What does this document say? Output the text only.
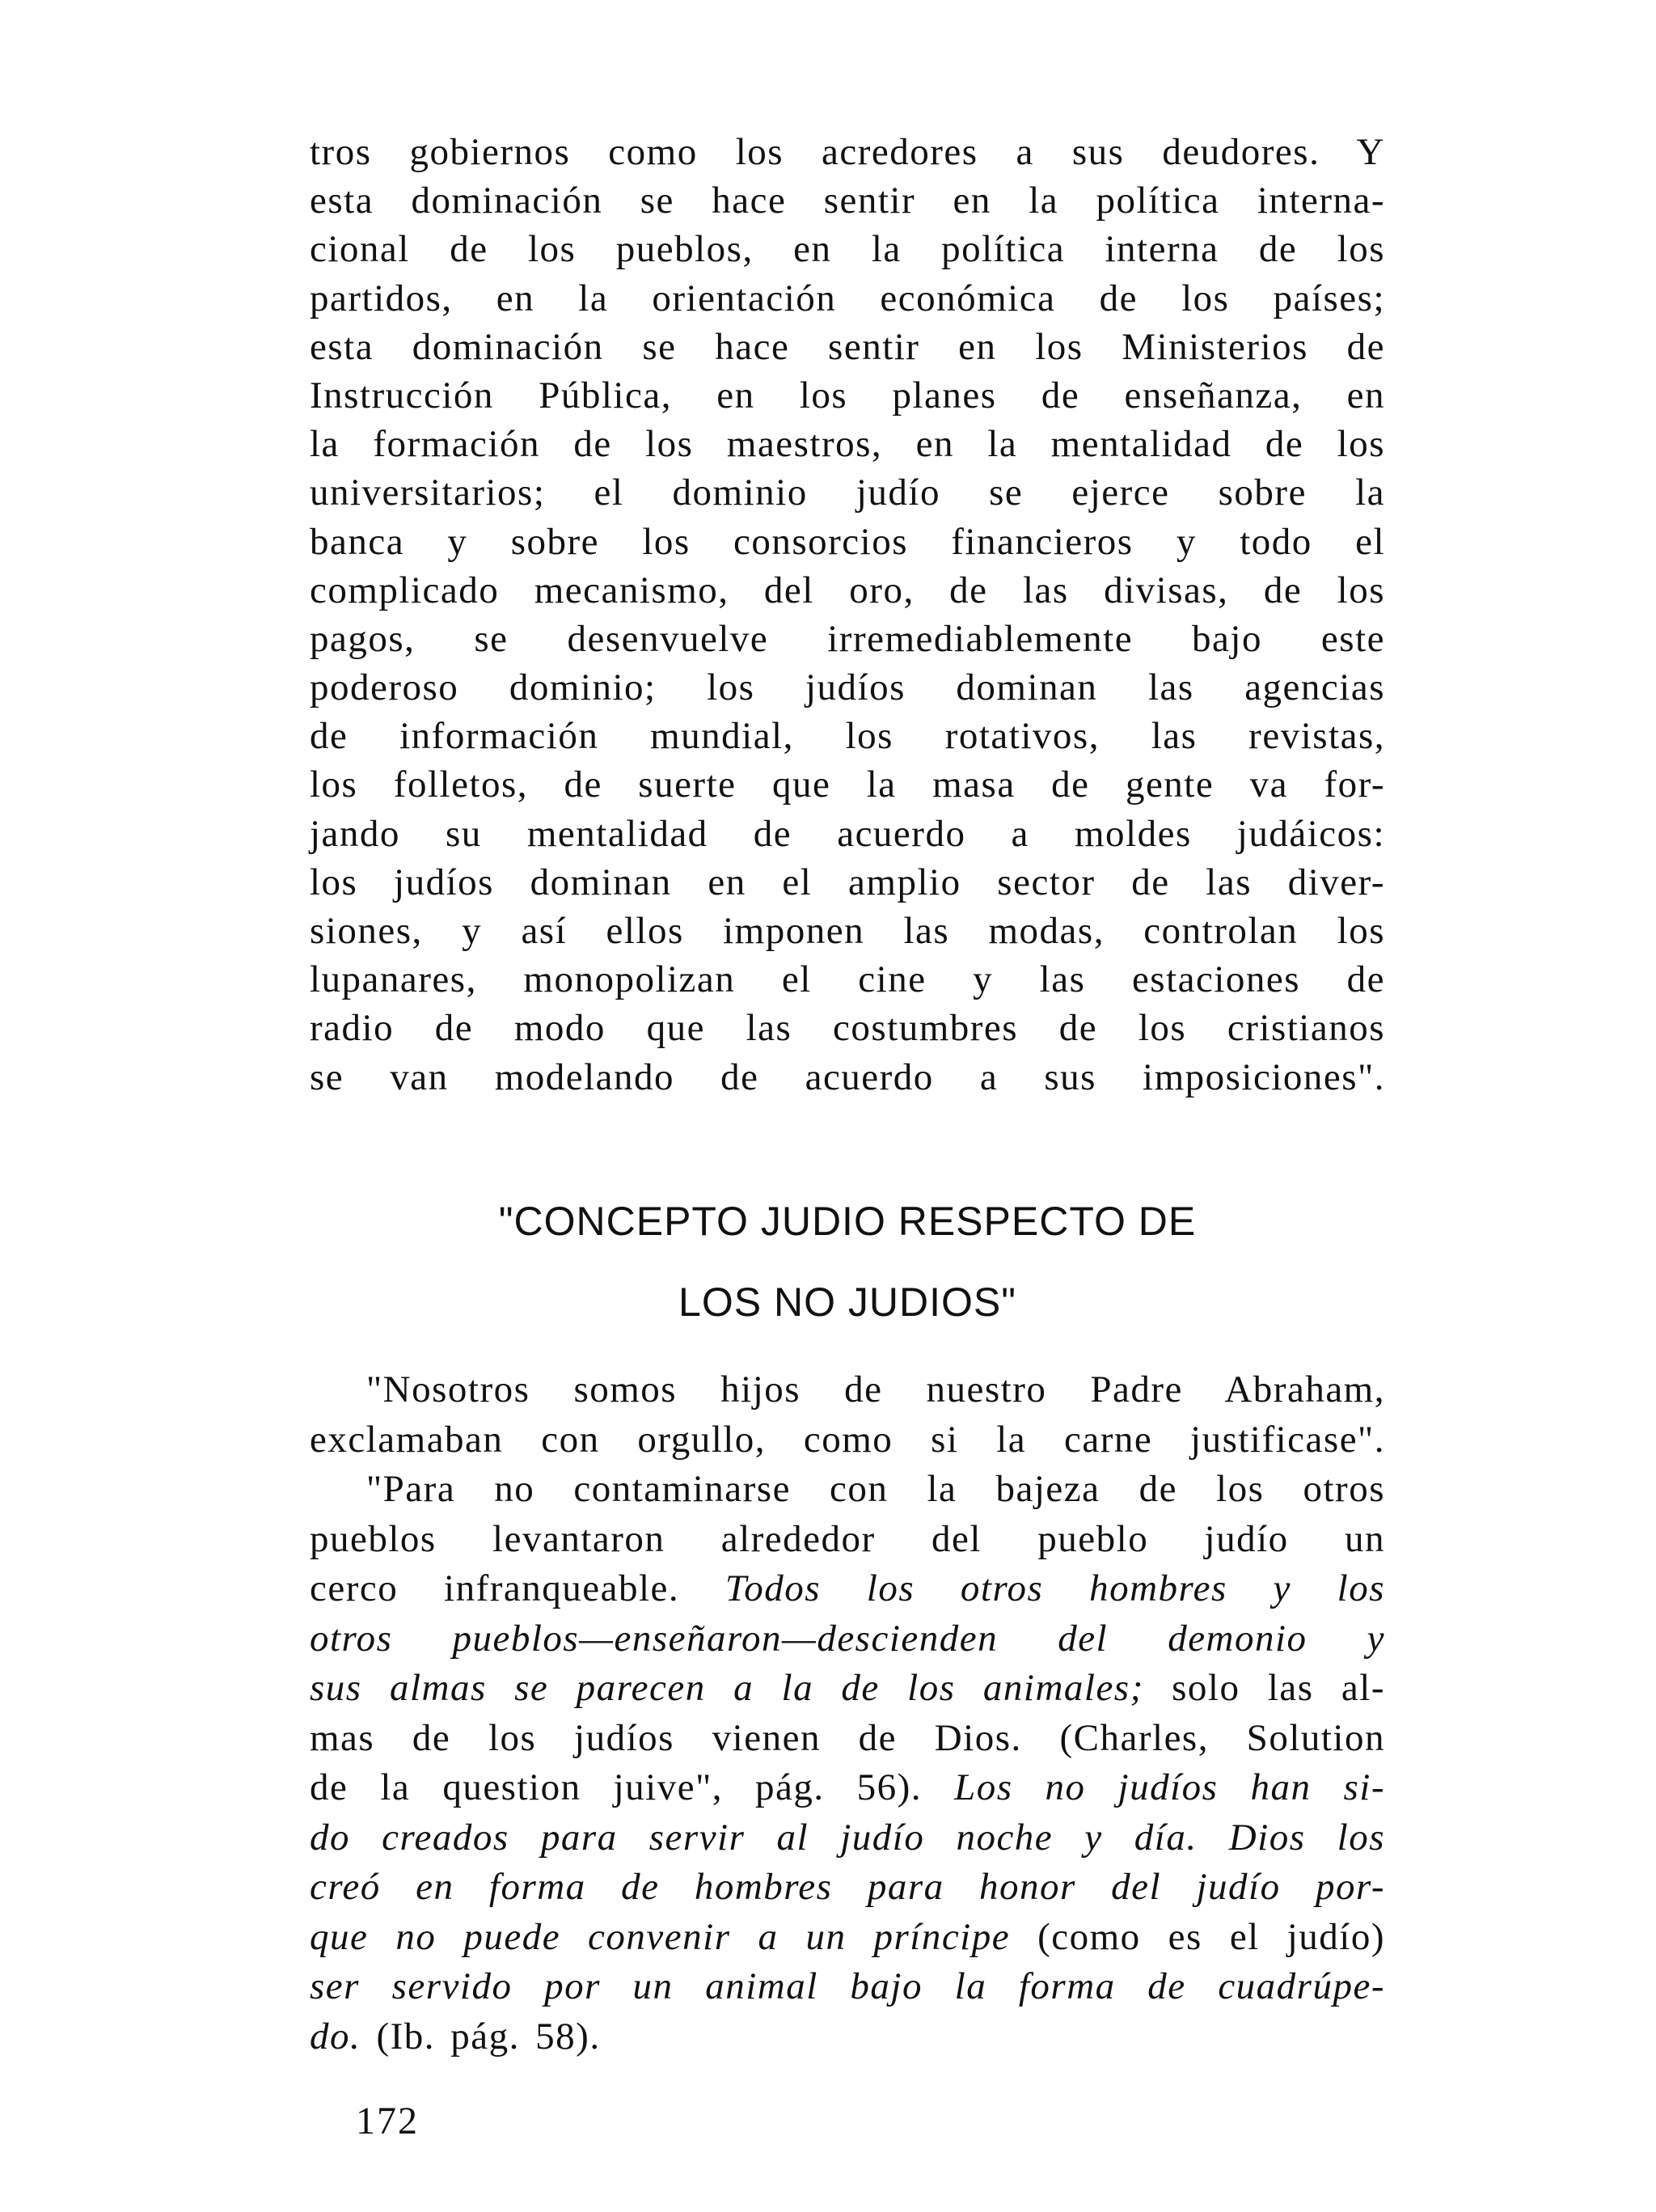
tros gobiernos como los acredores a sus deudores. Y
esta dominación se hace sentir en la política interna-
cional de los pueblos, en la política interna de los
partidos, en la orientación económica de los países;
esta dominación se hace sentir en los Ministerios de
Instrucción Pública, en los planes de enseñanza, en
la formación de los maestros, en la mentalidad de los
universitarios; el dominio judío se ejerce sobre la
banca y sobre los consorcios financieros y todo el
complicado mecanismo, del oro, de las divisas, de los
pagos, se desenvuelve irremediablemente bajo este
poderoso dominio; los judíos dominan las agencias
de información mundial, los rotativos, las revistas,
los folletos, de suerte que la masa de gente va for-
jando su mentalidad de acuerdo a moldes judáicos:
los judíos dominan en el amplio sector de las diver-
siones, y así ellos imponen las modas, controlan los
lupanares, monopolizan el cine y las estaciones de
radio de modo que las costumbres de los cristianos
se van modelando de acuerdo a sus imposiciones".
"CONCEPTO JUDIO RESPECTO DE
LOS NO JUDIOS"
"Nosotros somos hijos de nuestro Padre Abraham,
exclamaban con orgullo, como si la carne justificase".
"Para no contaminarse con la bajeza de los otros
pueblos levantaron alrededor del pueblo judío un
cerco infranqueable. Todos los otros hombres y los
otros pueblos—enseñaron—descienden del demonio y
sus almas se parecen a la de los animales; solo las al-
mas de los judíos vienen de Dios. (Charles, Solution
de la question juive", pág. 56). Los no judíos han si-
do creados para servir al judío noche y día. Dios los
creó en forma de hombres para honor del judío por-
que no puede convenir a un príncipe (como es el judío)
ser servido por un animal bajo la forma de cuadrúpe-
do. (Ib. pág. 58).
172
